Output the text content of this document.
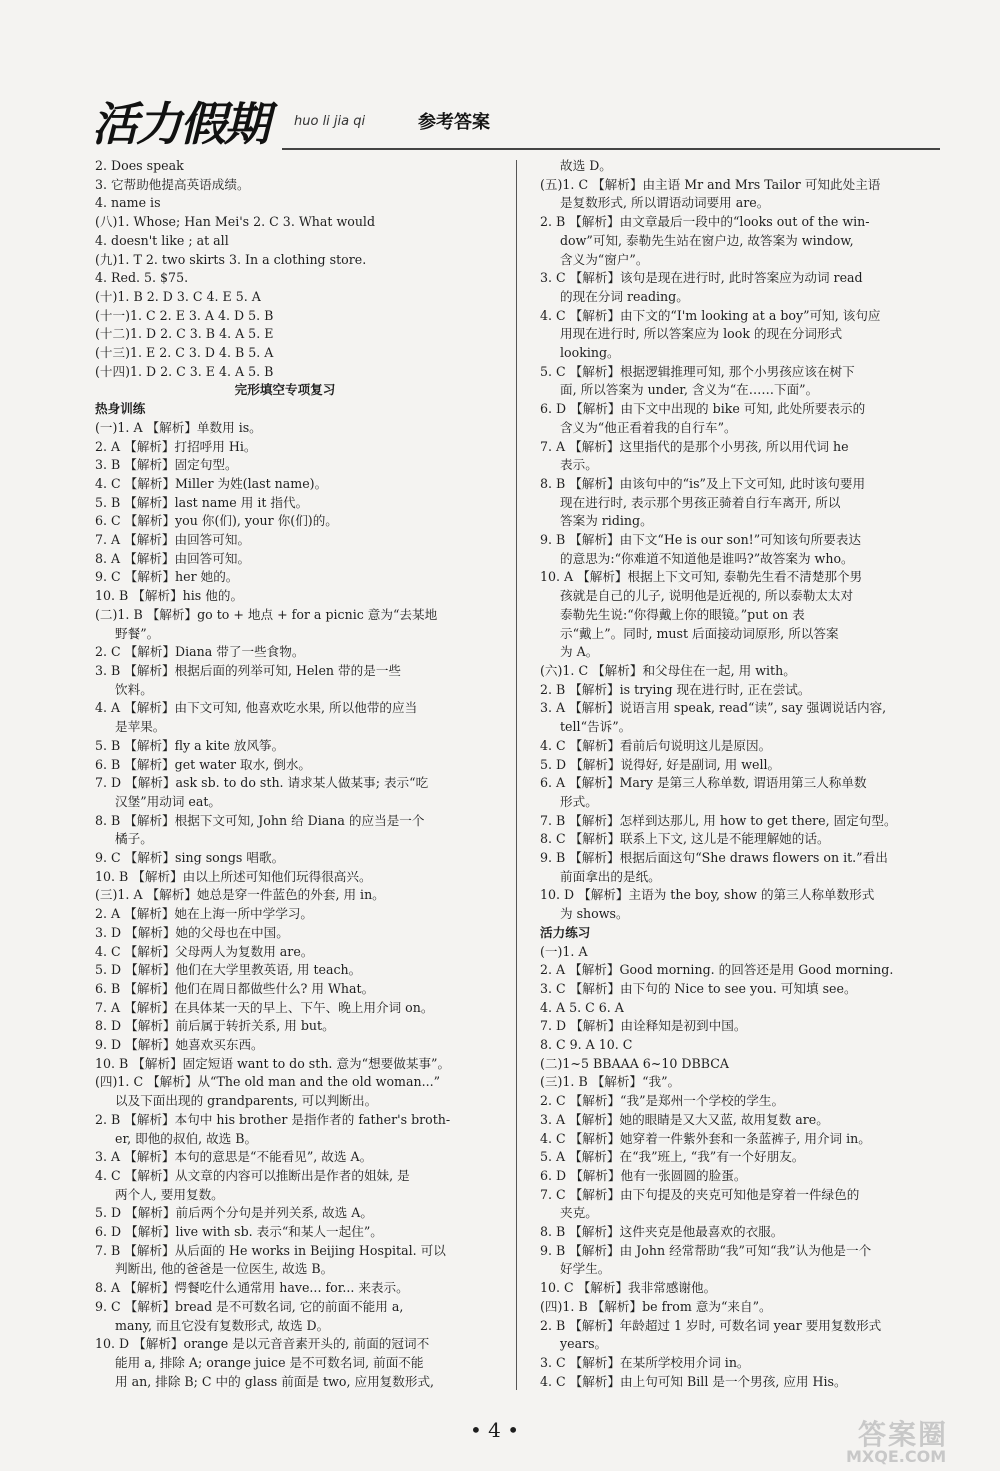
活力假期 huo li jia qi	参考答案
2. Does speak
3. 它帮助他提高英语成绩。
4. name is
(八)1. Whose; Han Mei's 2. C 3. What would
4. doesn't like ; at all
(九)1. T 2. two skirts 3. In a clothing store.
4. Red. 5. $75.
(十)1. B 2. D 3. C 4. E 5. A
(十一)1. C 2. E 3. A 4. D 5. B
(十二)1. D 2. C 3. B 4. A 5. E
(十三)1. E 2. C 3. D 4. B 5. A
(十四)1. D 2. C 3. E 4. A 5. B
完形填空专项复习
热身训练
(一)1. A 【解析】单数用 is。
2. A 【解析】打招呼用 Hi。
3. B 【解析】固定句型。
4. C 【解析】Miller 为姓(last name)。
5. B 【解析】last name 用 it 指代。
6. C 【解析】you 你(们), your 你(们)的。
7. A 【解析】由回答可知。
8. A 【解析】由回答可知。
9. C 【解析】her 她的。
10. B 【解析】his 他的。
(二)1. B 【解析】go to + 地点 + for a picnic 意为“去某地
野餐”。
2. C 【解析】Diana 带了一些食物。
3. B 【解析】根据后面的列举可知, Helen 带的是一些
饮料。
4. A 【解析】由下文可知, 他喜欢吃水果, 所以他带的应当
是苹果。
5. B 【解析】fly a kite 放风筝。
6. B 【解析】get water 取水, 倒水。
7. D 【解析】ask sb. to do sth. 请求某人做某事; 表示“吃
汉堡”用动词 eat。
8. B 【解析】根据下文可知, John 给 Diana 的应当是一个
橘子。
9. C 【解析】sing songs 唱歌。
10. B 【解析】由以上所述可知他们玩得很高兴。
(三)1. A 【解析】她总是穿一件蓝色的外套, 用 in。
2. A 【解析】她在上海一所中学学习。
3. D 【解析】她的父母也在中国。
4. C 【解析】父母两人为复数用 are。
5. D 【解析】他们在大学里教英语, 用 teach。
6. B 【解析】他们在周日都做些什么? 用 What。
7. A 【解析】在具体某一天的早上、下午、晚上用介词 on。
8. D 【解析】前后属于转折关系, 用 but。
9. D 【解析】她喜欢买东西。
10. B 【解析】固定短语 want to do sth. 意为“想要做某事”。
(四)1. C 【解析】从“The old man and the old woman...”
以及下面出现的 grandparents, 可以判断出。
2. B 【解析】本句中 his brother 是指作者的 father's broth-
er, 即他的叔伯, 故选 B。
3. A 【解析】本句的意思是“不能看见”, 故选 A。
4. C 【解析】从文章的内容可以推断出是作者的姐妹, 是
两个人, 要用复数。
5. D 【解析】前后两个分句是并列关系, 故选 A。
6. D 【解析】live with sb. 表示“和某人一起住”。
7. B 【解析】从后面的 He works in Beijing Hospital. 可以
判断出, 他的爸爸是一位医生, 故选 B。
8. A 【解析】愕餐吃什么通常用 have... for... 来表示。
9. C 【解析】bread 是不可数名词, 它的前面不能用 a,
many, 而且它没有复数形式, 故选 D。
10. D 【解析】orange 是以元音音素开头的, 前面的冠词不
能用 a, 排除 A; orange juice 是不可数名词, 前面不能
用 an, 排除 B; C 中的 glass 前面是 two, 应用复数形式,
故选 D。
(五)1. C 【解析】由主语 Mr and Mrs Tailor 可知此处主语
是复数形式, 所以谓语动词要用 are。
2. B 【解析】由文章最后一段中的“looks out of the win-
dow”可知, 泰勒先生站在窗户边, 故答案为 window,
含义为“窗户”。
3. C 【解析】该句是现在进行时, 此时答案应为动词 read
的现在分词 reading。
4. C 【解析】由下文的“I'm looking at a boy”可知, 该句应
用现在进行时, 所以答案应为 look 的现在分词形式
looking。
5. C 【解析】根据逻辑推理可知, 那个小男孩应该在树下
面, 所以答案为 under, 含义为“在……下面”。
6. D 【解析】由下文中出现的 bike 可知, 此处所要表示的
含义为“他正看着我的自行车”。
7. A 【解析】这里指代的是那个小男孩, 所以用代词 he
表示。
8. B 【解析】由该句中的“is”及上下文可知, 此时该句要用
现在进行时, 表示那个男孩正骑着自行车离开, 所以
答案为 riding。
9. B 【解析】由下文“He is our son!”可知该句所要表达
的意思为:“你难道不知道他是谁吗?”故答案为 who。
10. A 【解析】根据上下文可知, 泰勒先生看不清楚那个男
孩就是自己的儿子, 说明他是近视的, 所以泰勒太太对
泰勒先生说:“你得戴上你的眼镜。”put on 表
示“戴上”。同时, must 后面接动词原形, 所以答案
为 A。
(六)1. C 【解析】和父母住在一起, 用 with。
2. B 【解析】is trying 现在进行时, 正在尝试。
3. A 【解析】说语言用 speak, read“读”, say 强调说话内容,
tell“告诉”。
4. C 【解析】看前后句说明这儿是原因。
5. D 【解析】说得好, 好是副词, 用 well。
6. A 【解析】Mary 是第三人称单数, 谓语用第三人称单数
形式。
7. B 【解析】怎样到达那儿, 用 how to get there, 固定句型。
8. C 【解析】联系上下文, 这儿是不能理解她的话。
9. B 【解析】根据后面这句“She draws flowers on it.”看出
前面拿出的是纸。
10. D 【解析】主语为 the boy, show 的第三人称单数形式
为 shows。
活力练习
(一)1. A
2. A 【解析】Good morning. 的回答还是用 Good morning.
3. C 【解析】由下句的 Nice to see you. 可知填 see。
4. A 5. C 6. A
7. D 【解析】由诠释知是初到中国。
8. C 9. A 10. C
(二)1~5 BBAAA 6~10 DBBCA
(三)1. B 【解析】“我”。
2. C 【解析】“我”是郑州一个学校的学生。
3. A 【解析】她的眼睛是又大又蓝, 故用复数 are。
4. C 【解析】她穿着一件紫外套和一条蓝裤子, 用介词 in。
5. A 【解析】在“我”班上, “我”有一个好朋友。
6. D 【解析】他有一张圆圆的脸蛋。
7. C 【解析】由下句提及的夹克可知他是穿着一件绿色的
夹克。
8. B 【解析】这件夹克是他最喜欢的衣服。
9. B 【解析】由 John 经常帮助“我”可知“我”认为他是一个
好学生。
10. C 【解析】我非常感谢他。
(四)1. B 【解析】be from 意为“来自”。
2. B 【解析】年龄超过 1 岁时, 可数名词 year 要用复数形式
years。
3. C 【解析】在某所学校用介词 in。
4. C 【解析】由上句可知 Bill 是一个男孩, 应用 His。
• 4 •	答案圈
MXQE.COM
